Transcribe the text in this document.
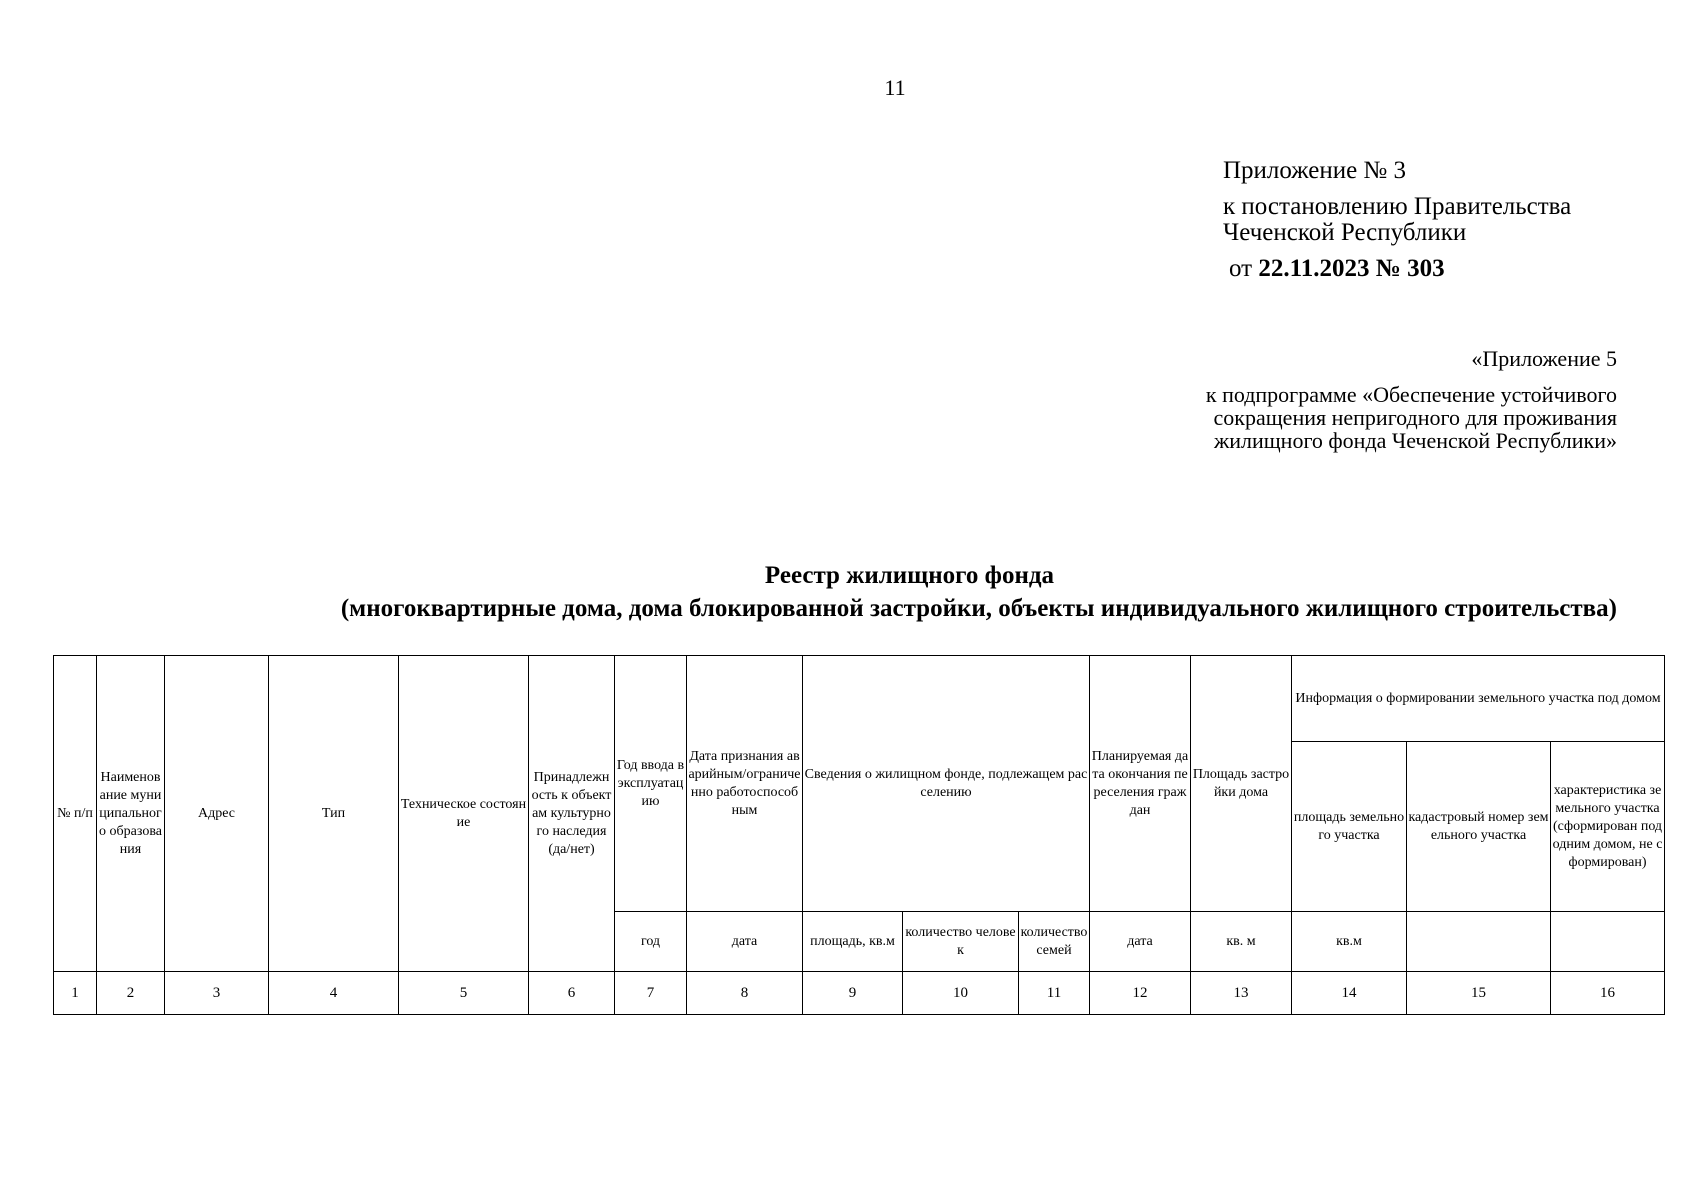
11
Приложение № 3
к постановлению Правительства
Чеченской Республики
от 22.11.2023 № 303
«Приложение 5
к подпрограмме «Обеспечение устойчивого
сокращения непригодного для проживания
жилищного фонда Чеченской Республики»
Реестр жилищного фонда
(многоквартирные дома, дома блокированной застройки, объекты индивидуального жилищного строительства)
№ п/п	Наименование муниципального образования	Адрес	Тип	Техническое состояние	Принадлежность к объектам культурного наследия (да/нет)	Год ввода в эксплуатацию	Дата признания аварийным/ограниченно работоспособным	Сведения о жилищном фонде, подлежащем расселению			Планируемая дата окончания переселения граждан	Площадь застройки дома	Информация о формировании земельного участка под домом		
													площадь земельного участка	кадастровый номер земельного участка	характеристика земельного участка (сформирован под одним домом, не сформирован)
						год	дата	площадь, кв.м	количество человек	количество семей	дата	кв. м	кв.м		
1	2	3	4	5	6	7	8	9	10	11	12	13	14	15	16
